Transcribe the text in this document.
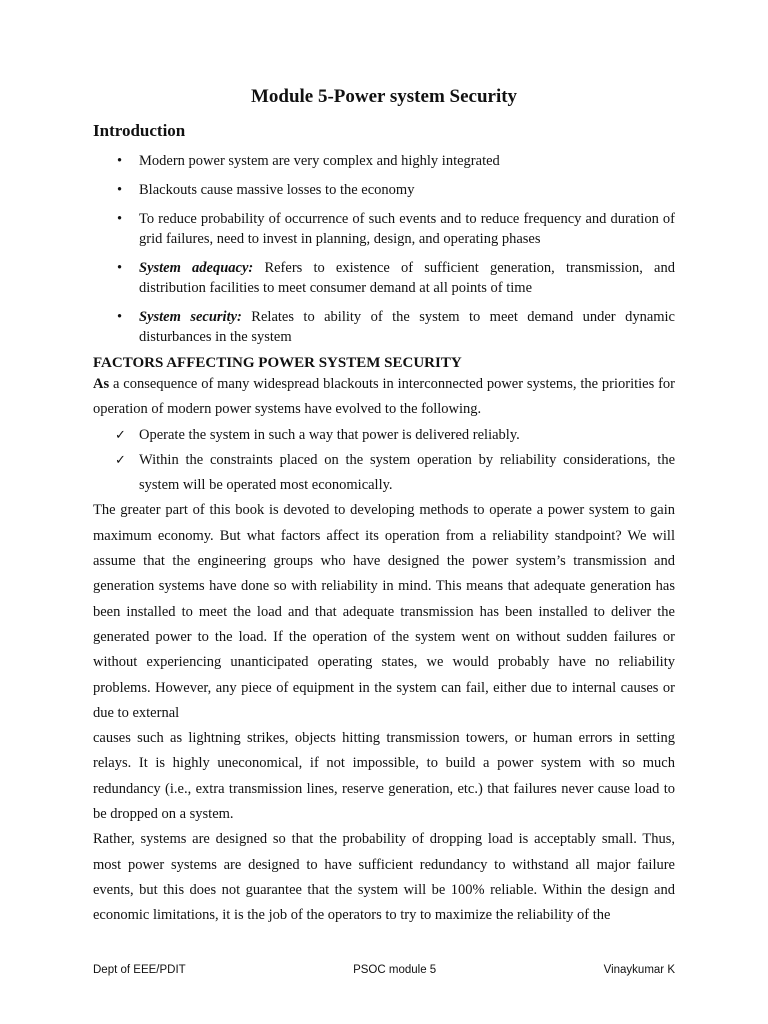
Module 5-Power system Security
Introduction
• Modern power system are very complex and highly integrated
• Blackouts cause massive losses to the economy
• To reduce probability of occurrence of such events and to reduce frequency and duration of grid failures, need to invest in planning, design, and operating phases
• System adequacy: Refers to existence of sufficient generation, transmission, and distribution facilities to meet consumer demand at all points of time
• System security: Relates to ability of the system to meet demand under dynamic disturbances in the system
FACTORS AFFECTING POWER SYSTEM SECURITY

As a consequence of many widespread blackouts in interconnected power systems, the priorities for operation of modern power systems have evolved to the following.

✓ Operate the system in such a way that power is delivered reliably.
✓ Within the constraints placed on the system operation by reliability considerations, the system will be operated most economically.

The greater part of this book is devoted to developing methods to operate a power system to gain maximum economy. But what factors affect its operation from a reliability standpoint? We will assume that the engineering groups who have designed the power system’s transmission and generation systems have done so with reliability in mind. This means that adequate generation has been installed to meet the load and that adequate transmission has been installed to deliver the generated power to the load. If the operation of the system went on without sudden failures or without experiencing unanticipated operating states, we would probably have no reliability problems. However, any piece of equipment in the system can fail, either due to internal causes or due to external

causes such as lightning strikes, objects hitting transmission towers, or human errors in setting relays. It is highly uneconomical, if not impossible, to build a power system with so much redundancy (i.e., extra transmission lines, reserve generation, etc.) that failures never cause load to be dropped on a system.

Rather, systems are designed so that the probability of dropping load is acceptably small. Thus, most power systems are designed to have sufficient redundancy to withstand all major failure events, but this does not guarantee that the system will be 100% reliable. Within the design and economic limitations, it is the job of the operators to try to maximize the reliability of the

Dept of EEE/PDIT	PSOC module 5	Vinaykumar K
